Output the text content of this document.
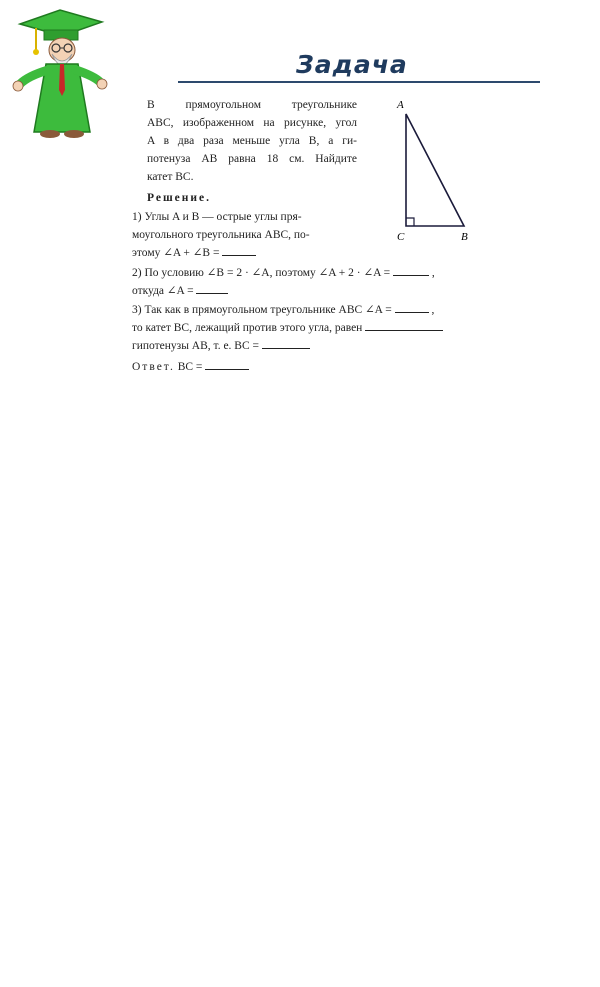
Задача
В прямоугольном треугольнике
ABC, изображенном на рисунке, угол
A в два раза меньше угла B, а ги-
потенуза AB равна 18 см. Найдите
катет BC.
Решение.
1) Углы A и B — острые углы пря-
моугольного треугольника ABC, по-
этому ∠A + ∠B =
2) По условию ∠B = 2 · ∠A, поэтому ∠A + 2 · ∠A =	,
откуда ∠A =
3) Так как в прямоугольном треугольнике ABC ∠A =	,
то катет BC, лежащий против этого угла, равен
гипотенузы AB, т. е. BC =
Ответ. BC =
A
C	B
